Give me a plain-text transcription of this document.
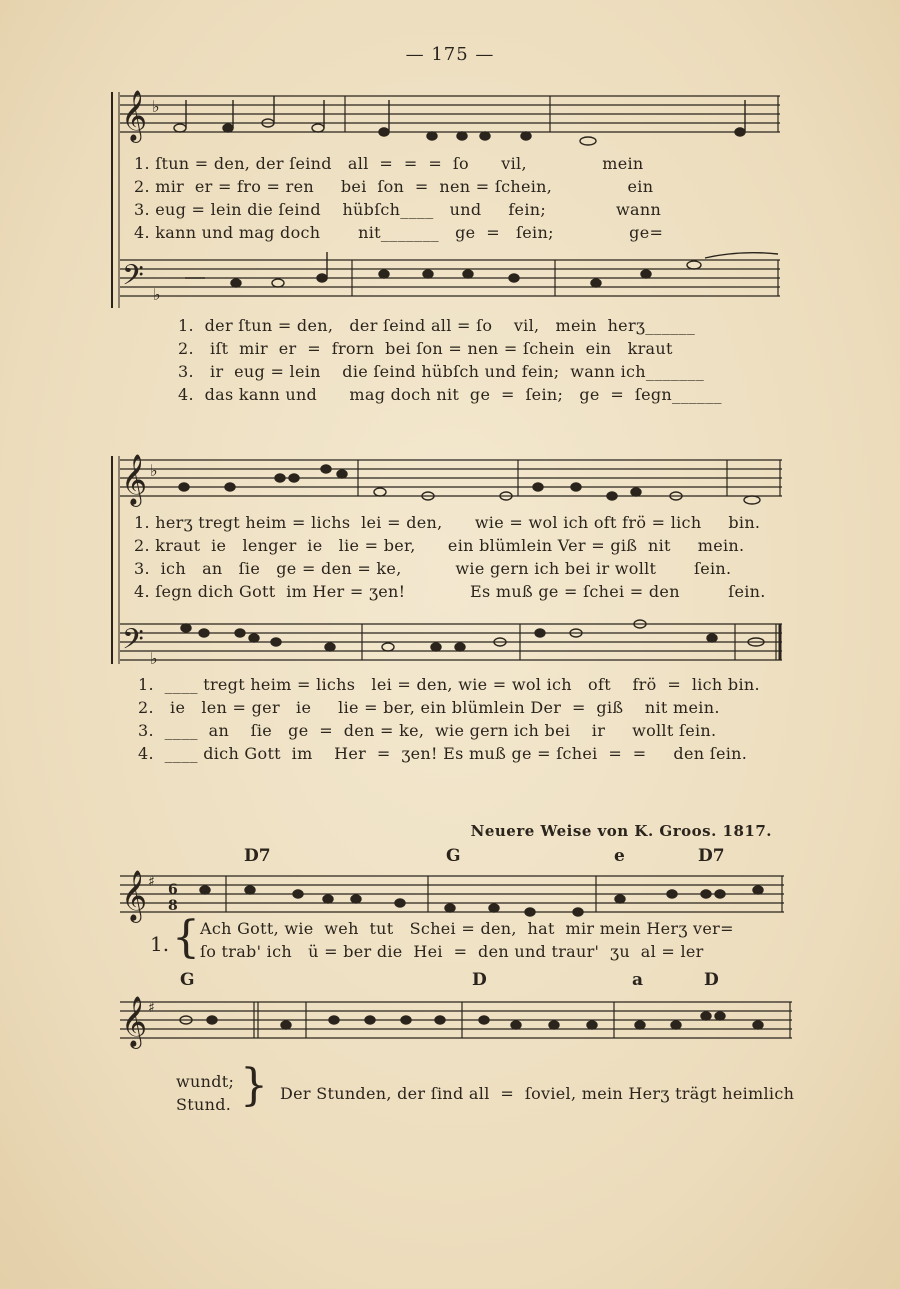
— 175 —
𝄞 ♭
1. ſtun = den, der ſeind   all  =  =  =  ſo      vil,              mein
2. mir  er = fro = ren     bei  ſon  =  nen = ſchein,              ein
3. eug = lein die ſeind    hübſch____   und     fein;             wann
4. kann und mag doch       nit_______   ge  =   ſein;              ge=
𝄢 ♭
1.  der ſtun = den,   der ſeind all = ſo    vil,   mein  herʒ______
2.   iſt  mir  er  =  frorn  bei ſon = nen = ſchein  ein   kraut
3.   ir  eug = lein    die ſeind hübſch und fein;  wann ich_______
4.  das kann und      mag doch nit  ge  =  ſein;   ge  =  ſegn______
𝄞 ♭
1. herʒ tregt heim = lichs  lei = den,      wie = wol ich oft frö = lich     bin.
2. kraut  ie   lenger  ie   lie = ber,      ein blümlein Ver = giß  nit     mein.
3.  ich   an   ſie   ge = den = ke,          wie gern ich bei ir wollt       ſein.
4. ſegn dich Gott  im Her = ʒen!            Es muß ge = ſchei = den         ſein.
𝄢 ♭
1.  ____ tregt heim = lichs   lei = den, wie = wol ich   oft    frö  =  lich bin.
2.   ie   len = ger   ie     lie = ber, ein blümlein Der  =  giß    nit mein.
3.  ____  an    ſie   ge  =  den = ke,  wie gern ich bei    ir     wollt ſein.
4.  ____ dich Gott  im    Her  =  ʒen! Es muß ge = ſchei  =  =     den ſein.
Neuere Weise von K. Groos. 1817.
D7	G	e	D7
𝄞 ♯ 6
8
1. { Ach Gott, wie  weh  tut   Schei = den,  hat  mir mein Herʒ ver=
ſo trab' ich   ü = ber die  Hei  =  den und traur'  ʒu  al = ler
G	D	a	D
𝄞 ♯
wundt;
Stund. } Der Stunden, der ſind all  =  ſoviel, mein Herʒ trägt heimlich
